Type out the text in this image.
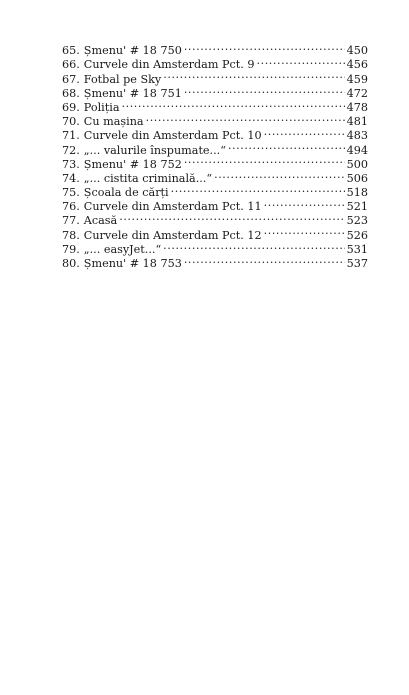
65. Șmenu' # 18 750 .....	450
66. Curvele din Amsterdam Pct. 9 .....	456
67. Fotbal pe Sky .....	459
68. Șmenu' # 18 751 .....	472
69. Poliția .....	478
70. Cu mașina .....	481
71. Curvele din Amsterdam Pct. 10 .....	483
72. „... valurile înspumate...“ .....	494
73. Șmenu' # 18 752 .....	500
74. „... cistita criminală...“ .....	506
75. Școala de cărți .....	518
76. Curvele din Amsterdam Pct. 11 .....	521
77. Acasă .....	523
78. Curvele din Amsterdam Pct. 12 .....	526
79. „... easyJet...“ .....	531
80. Șmenu' # 18 753 .....	537
